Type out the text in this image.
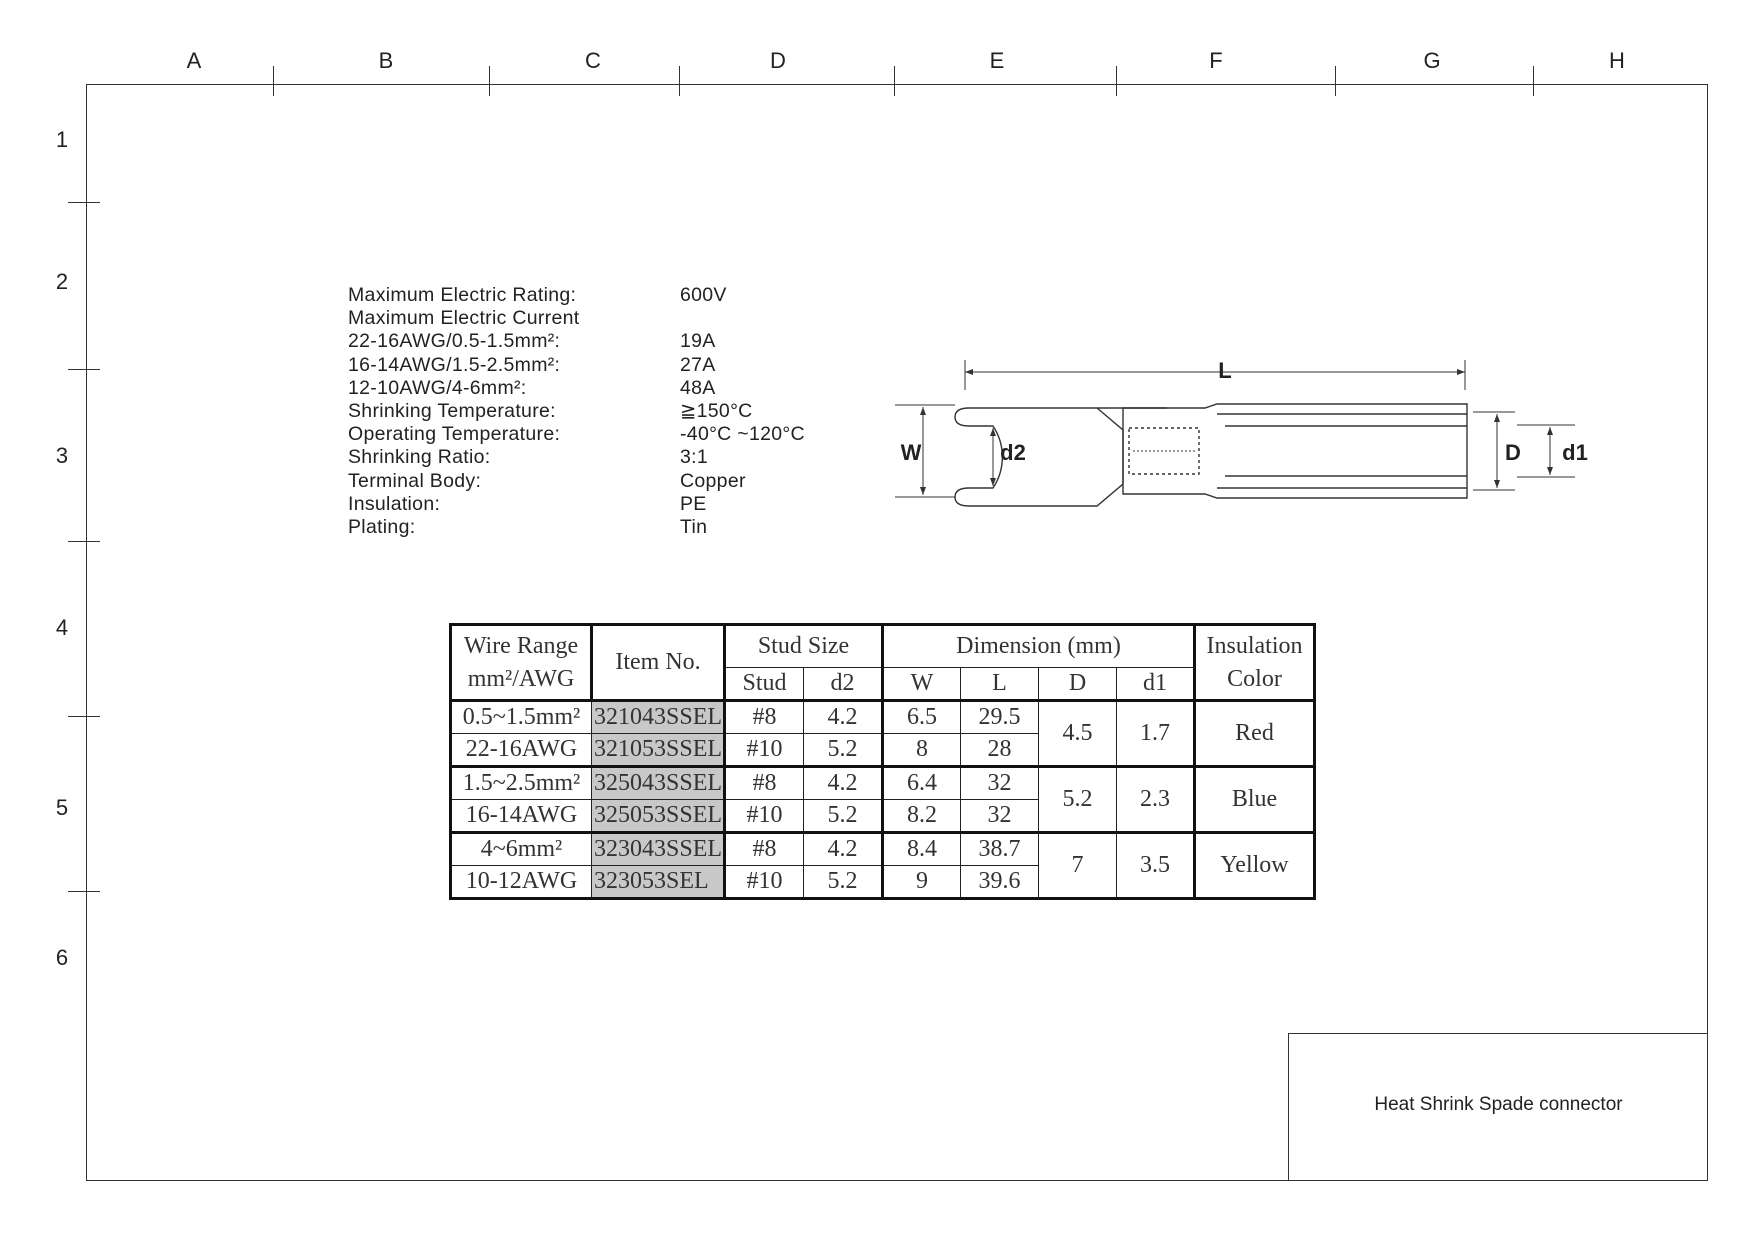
A	B	C	D	E	F	G	H
1
2
3
4
5
6
Maximum Electric Rating:	600V
Maximum Electric Current
22-16AWG/0.5-1.5mm²:	19A
16-14AWG/1.5-2.5mm²:	27A
12-10AWG/4-6mm²:	48A
Shrinking Temperature:	≧150°C
Operating Temperature:	-40°C ~120°C
Shrinking Ratio:	3:1
Terminal Body:	Copper
Insulation:	PE
Plating:	Tin
L
W	d2	D d1
Wire Range
mm²/AWG	Item No.	Stud Size		Dimension (mm)				Insulation
Color
		Stud	d2	W	L	D	d1	
0.5~1.5mm²	321043SSEL	#8	4.2	6.5	29.5	4.5	1.7	Red
22-16AWG	321053SSEL	#10	5.2	8	28			
1.5~2.5mm²	325043SSEL	#8	4.2	6.4	32	5.2	2.3	Blue
16-14AWG	325053SSEL	#10	5.2	8.2	32			
4~6mm²	323043SSEL	#8	4.2	8.4	38.7	7	3.5	Yellow
10-12AWG	323053SEL	#10	5.2	9	39.6			
Heat Shrink Spade connector
